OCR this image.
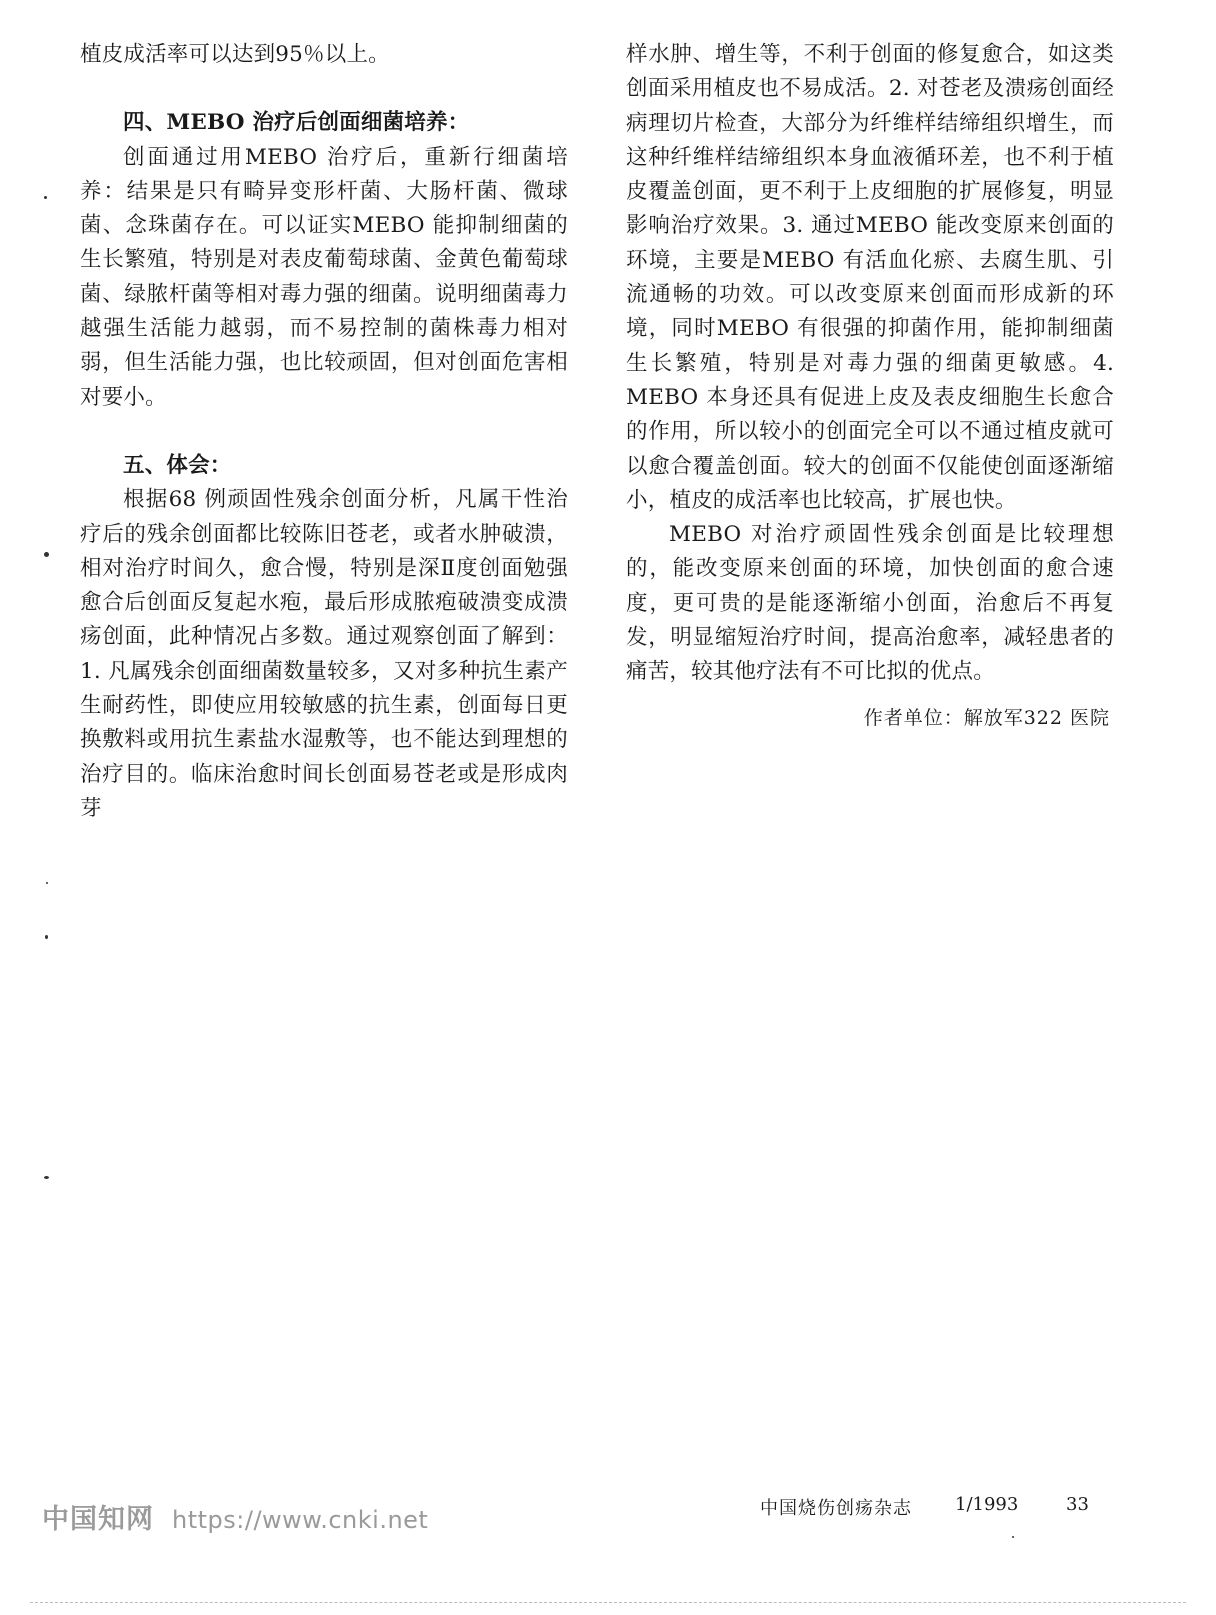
植皮成活率可以达到95％以上。

四、MEBO 治疗后创面细菌培养：

创面通过用MEBO 治疗后，重新行细菌培养：结果是只有畸异变形杆菌、大肠杆菌、微球菌、念珠菌存在。可以证实MEBO 能抑制细菌的生长繁殖，特别是对表皮葡萄球菌、金黄色葡萄球菌、绿脓杆菌等相对毒力强的细菌。说明细菌毒力越强生活能力越弱，而不易控制的菌株毒力相对弱，但生活能力强，也比较顽固，但对创面危害相对要小。

五、体会：

根据68 例顽固性残余创面分析，凡属干性治疗后的残余创面都比较陈旧苍老，或者水肿破溃，相对治疗时间久，愈合慢，特别是深Ⅱ度创面勉强愈合后创面反复起水疱，最后形成脓疱破溃变成溃疡创面，此种情况占多数。通过观察创面了解到：1. 凡属残余创面细菌数量较多，又对多种抗生素产生耐药性，即使应用较敏感的抗生素，创面每日更换敷料或用抗生素盐水湿敷等，也不能达到理想的治疗目的。临床治愈时间长创面易苍老或是形成肉芽

样水肿、增生等，不利于创面的修复愈合，如这类创面采用植皮也不易成活。2. 对苍老及溃疡创面经病理切片检查，大部分为纤维样结缔组织增生，而这种纤维样结缔组织本身血液循环差，也不利于植皮覆盖创面，更不利于上皮细胞的扩展修复，明显影响治疗效果。3. 通过MEBO 能改变原来创面的环境，主要是MEBO 有活血化瘀、去腐生肌、引流通畅的功效。可以改变原来创面而形成新的环境，同时MEBO 有很强的抑菌作用，能抑制细菌生长繁殖，特别是对毒力强的细菌更敏感。4. MEBO 本身还具有促进上皮及表皮细胞生长愈合的作用，所以较小的创面完全可以不通过植皮就可以愈合覆盖创面。较大的创面不仅能使创面逐渐缩小，植皮的成活率也比较高，扩展也快。

MEBO 对治疗顽固性残余创面是比较理想的，能改变原来创面的环境，加快创面的愈合速度，更可贵的是能逐渐缩小创面，治愈后不再复发，明显缩短治疗时间，提高治愈率，减轻患者的痛苦，较其他疗法有不可比拟的优点。

作者单位：解放军322 医院
中国烧伤创疡杂志 1/1993	33
中国知网 https://www.cnki.net
